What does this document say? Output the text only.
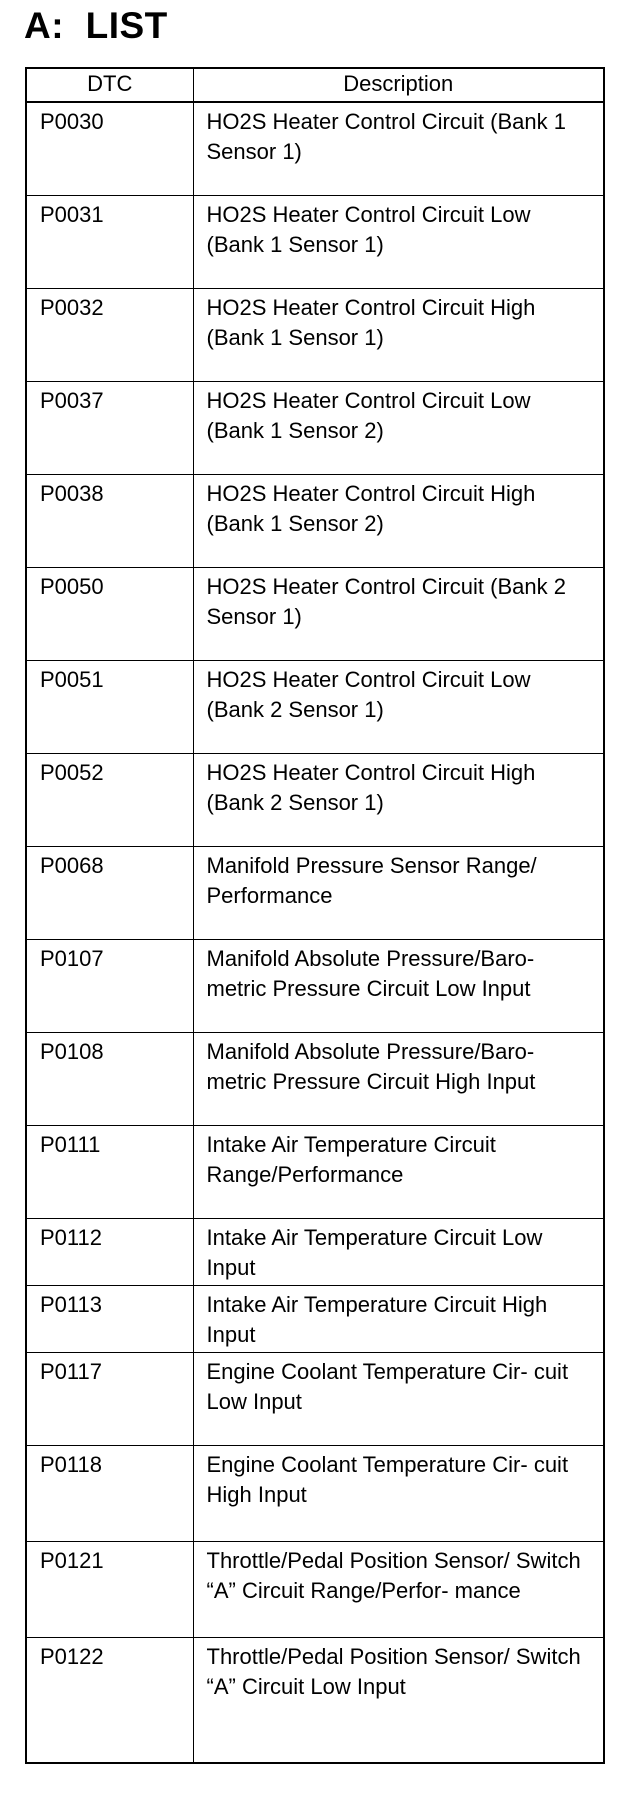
A:  LIST
DTC	Description
P0030	HO2S Heater Control Circuit (Bank 1 Sensor 1)
P0031	HO2S Heater Control Circuit Low (Bank 1 Sensor 1)
P0032	HO2S Heater Control Circuit High (Bank 1 Sensor 1)
P0037	HO2S Heater Control Circuit Low (Bank 1 Sensor 2)
P0038	HO2S Heater Control Circuit High (Bank 1 Sensor 2)
P0050	HO2S Heater Control Circuit (Bank 2 Sensor 1)
P0051	HO2S Heater Control Circuit Low (Bank 2 Sensor 1)
P0052	HO2S Heater Control Circuit High (Bank 2 Sensor 1)
P0068	Manifold Pressure Sensor Range/ Performance
P0107	Manifold Absolute Pressure/Baro- metric Pressure Circuit Low Input
P0108	Manifold Absolute Pressure/Baro- metric Pressure Circuit High Input
P0111	Intake Air Temperature Circuit Range/Performance
P0112	Intake Air Temperature Circuit Low Input
P0113	Intake Air Temperature Circuit High Input
P0117	Engine Coolant Temperature Cir- cuit Low Input
P0118	Engine Coolant Temperature Cir- cuit High Input
P0121	Throttle/Pedal Position Sensor/ Switch “A” Circuit Range/Perfor- mance
P0122	Throttle/Pedal Position Sensor/ Switch “A” Circuit Low Input
